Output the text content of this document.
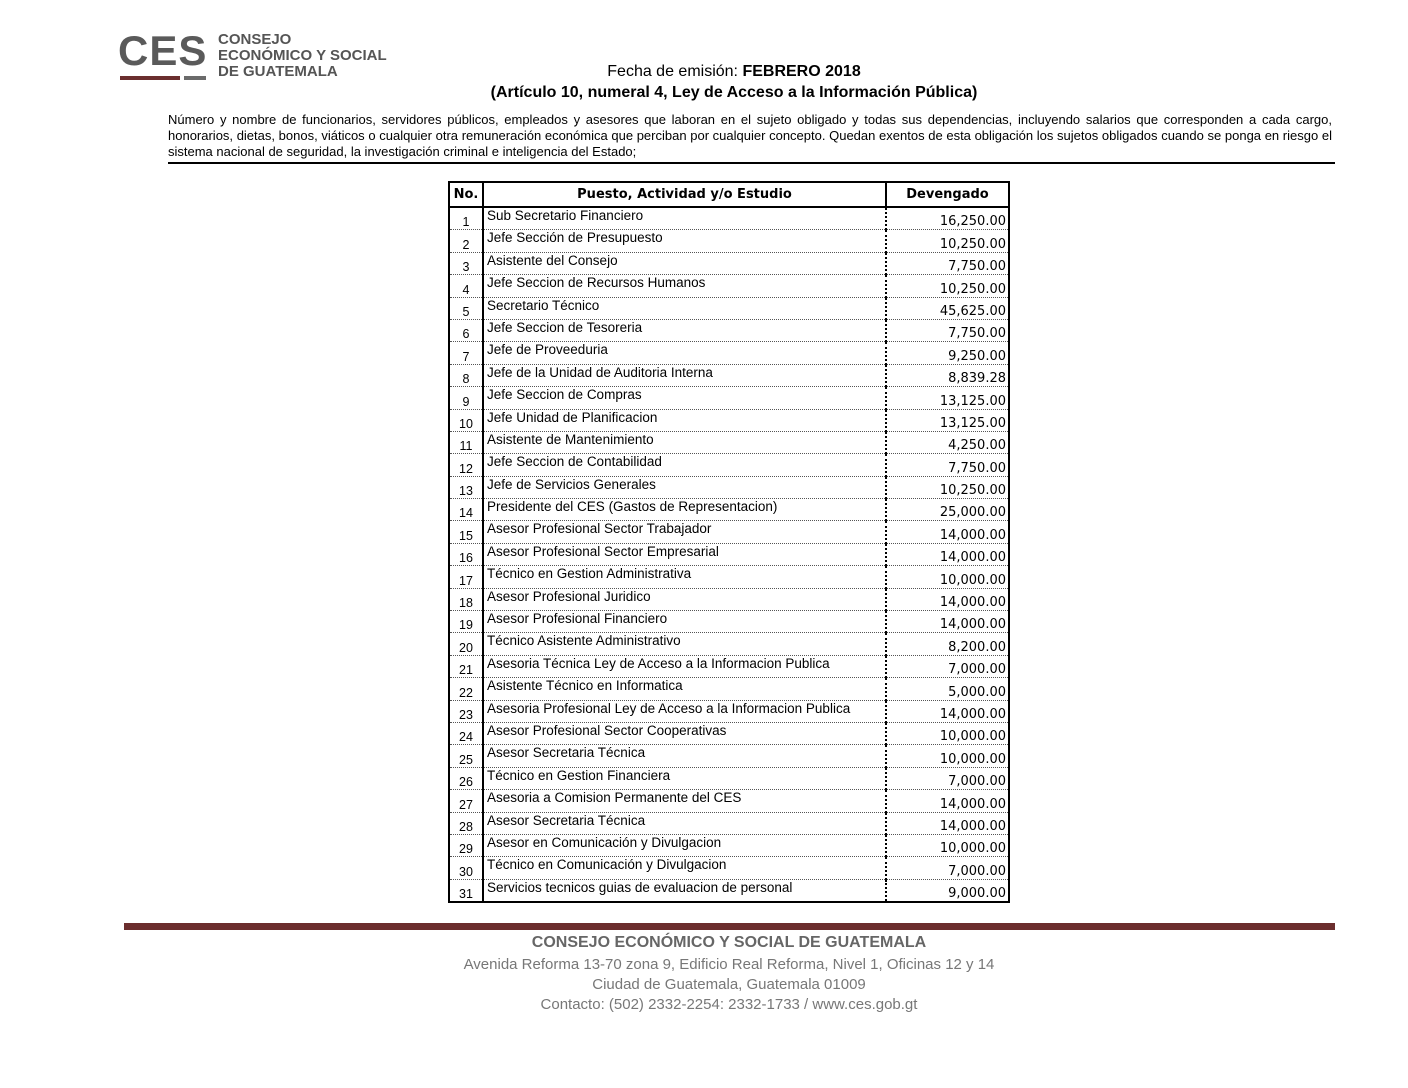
CES CONSEJO
ECONÓMICO Y SOCIAL
DE GUATEMALA	Fecha de emisión: FEBRERO 2018
(Artículo 10, numeral 4, Ley de Acceso a la Información Pública)
Número y nombre de funcionarios, servidores públicos, empleados y asesores que laboran en el sujeto obligado y todas sus dependencias, incluyendo salarios que corresponden a cada cargo, honorarios, dietas, bonos, viáticos o cualquier otra remuneración económica que perciban por cualquier concepto. Quedan exentos de esta obligación los sujetos obligados cuando se ponga en riesgo el sistema nacional de seguridad, la investigación criminal e inteligencia del Estado;
No.	Puesto, Actividad y/o Estudio	Devengado
1	Sub Secretario Financiero	16,250.00
2	Jefe Sección de Presupuesto	10,250.00
3	Asistente del Consejo	7,750.00
4	Jefe Seccion de Recursos Humanos	10,250.00
5	Secretario Técnico	45,625.00
6	Jefe Seccion de Tesoreria	7,750.00
7	Jefe de Proveeduria	9,250.00
8	Jefe de la Unidad de Auditoria Interna	8,839.28
9	Jefe Seccion de Compras	13,125.00
10	Jefe Unidad de Planificacion	13,125.00
11	Asistente de Mantenimiento	4,250.00
12	Jefe Seccion de Contabilidad	7,750.00
13	Jefe de Servicios Generales	10,250.00
14	Presidente del CES (Gastos de Representacion)	25,000.00
15	Asesor Profesional Sector Trabajador	14,000.00
16	Asesor Profesional Sector Empresarial	14,000.00
17	Técnico en Gestion Administrativa	10,000.00
18	Asesor Profesional Juridico	14,000.00
19	Asesor Profesional Financiero	14,000.00
20	Técnico Asistente Administrativo	8,200.00
21	Asesoria Técnica Ley de Acceso a la Informacion Publica	7,000.00
22	Asistente Técnico en Informatica	5,000.00
23	Asesoria Profesional Ley de Acceso a la Informacion Publica	14,000.00
24	Asesor Profesional Sector Cooperativas	10,000.00
25	Asesor Secretaria Técnica	10,000.00
26	Técnico en Gestion Financiera	7,000.00
27	Asesoria a Comision Permanente del CES	14,000.00
28	Asesor Secretaria Técnica	14,000.00
29	Asesor en Comunicación y Divulgacion	10,000.00
30	Técnico en Comunicación y Divulgacion	7,000.00
31	Servicios tecnicos guias de evaluacion de personal	9,000.00
CONSEJO ECONÓMICO Y SOCIAL DE GUATEMALA
Avenida Reforma 13-70 zona 9, Edificio Real Reforma, Nivel 1, Oficinas 12 y 14
Ciudad de Guatemala, Guatemala 01009
Contacto: (502) 2332-2254: 2332-1733 / www.ces.gob.gt
